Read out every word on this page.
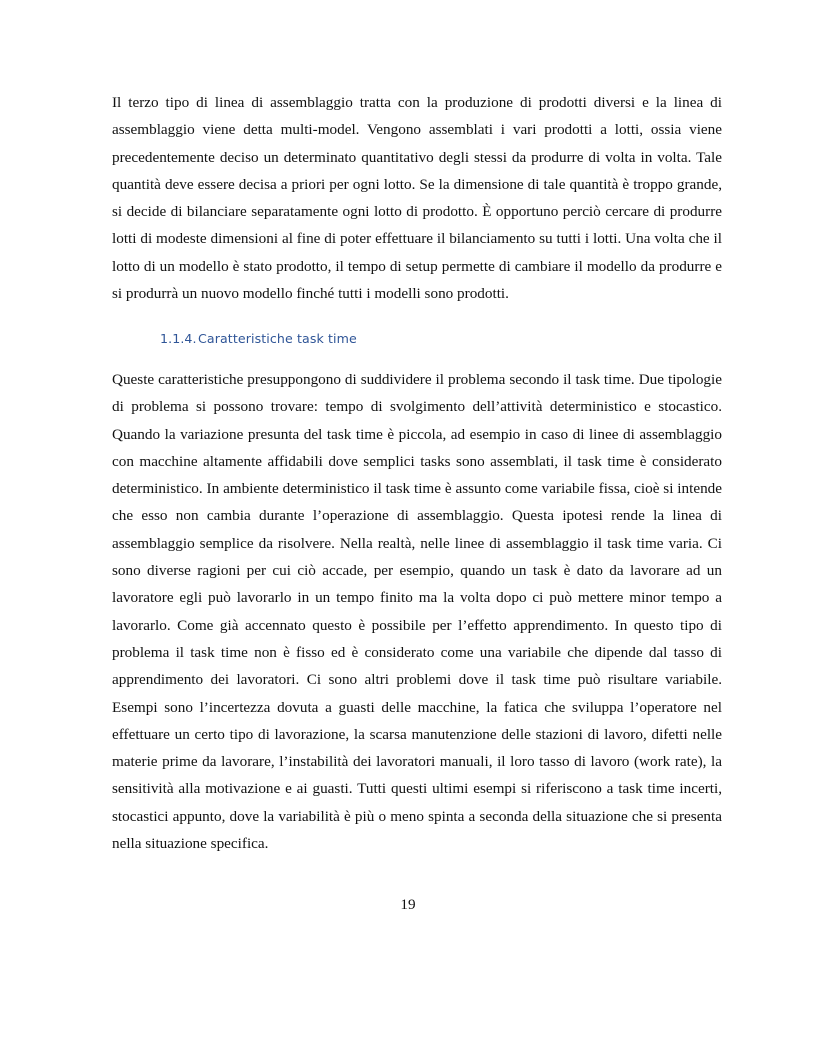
Il terzo tipo di linea di assemblaggio tratta con la produzione di prodotti diversi e la linea di assemblaggio viene detta multi-model. Vengono assemblati i vari prodotti a lotti, ossia viene precedentemente deciso un determinato quantitativo degli stessi da produrre di volta in volta. Tale quantità deve essere decisa a priori per ogni lotto. Se la dimensione di tale quantità è troppo grande, si decide di bilanciare separatamente ogni lotto di prodotto. È opportuno perciò cercare di produrre lotti di modeste dimensioni al fine di poter effettuare il bilanciamento su tutti i lotti. Una volta che il lotto di un modello è stato prodotto, il tempo di setup permette di cambiare il modello da produrre e si produrrà un nuovo modello finché tutti i modelli sono prodotti.

1.1.4.Caratteristiche task time

Queste caratteristiche presuppongono di suddividere il problema secondo il task time. Due tipologie di problema si possono trovare: tempo di svolgimento dell’attività deterministico e stocastico. Quando la variazione presunta del task time è piccola, ad esempio in caso di linee di assemblaggio con macchine altamente affidabili dove semplici tasks sono assemblati, il task time è considerato deterministico. In ambiente deterministico il task time è assunto come variabile fissa, cioè si intende che esso non cambia durante l’operazione di assemblaggio. Questa ipotesi rende la linea di assemblaggio semplice da risolvere. Nella realtà, nelle linee di assemblaggio il task time varia. Ci sono diverse ragioni per cui ciò accade, per esempio, quando un task è dato da lavorare ad un lavoratore egli può lavorarlo in un tempo finito ma la volta dopo ci può mettere minor tempo a lavorarlo. Come già accennato questo è possibile per l’effetto apprendimento. In questo tipo di problema il task time non è fisso ed è considerato come una variabile che dipende dal tasso di apprendimento dei lavoratori. Ci sono altri problemi dove il task time può risultare variabile. Esempi sono l’incertezza dovuta a guasti delle macchine, la fatica che sviluppa l’operatore nel effettuare un certo tipo di lavorazione, la scarsa manutenzione delle stazioni di lavoro, difetti nelle materie prime da lavorare, l’instabilità dei lavoratori manuali, il loro tasso di lavoro (work rate), la sensitività alla motivazione e ai guasti. Tutti questi ultimi esempi si riferiscono a task time incerti, stocastici appunto, dove la variabilità è più o meno spinta a seconda della situazione che si presenta nella situazione specifica.

19
